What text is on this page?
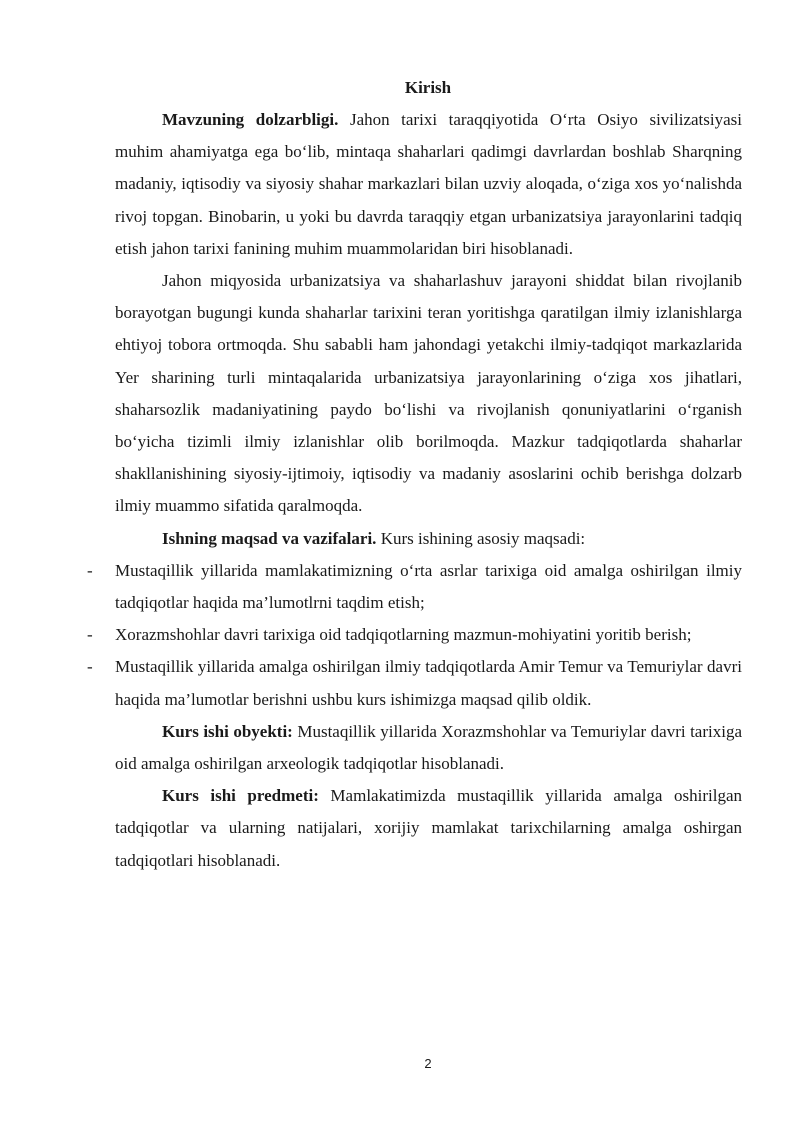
Kirish

Mavzuning dolzarbligi. Jahon tarixi taraqqiyotida O‘rta Osiyo sivilizatsiyasi muhim ahamiyatga ega bo‘lib, mintaqa shaharlari qadimgi davrlardan boshlab Sharqning madaniy, iqtisodiy va siyosiy shahar markazlari bilan uzviy aloqada, o‘ziga xos yo‘nalishda rivoj topgan. Binobarin, u yoki bu davrda taraqqiy etgan urbanizatsiya jarayonlarini tadqiq etish jahon tarixi fanining muhim muammolaridan biri hisoblanadi.

Jahon miqyosida urbanizatsiya va shaharlashuv jarayoni shiddat bilan rivojlanib borayotgan bugungi kunda shaharlar tarixini teran yoritishga qaratilgan ilmiy izlanishlarga ehtiyoj tobora ortmoqda. Shu sababli ham jahondagi yetakchi ilmiy-tadqiqot markazlarida Yer sharining turli mintaqalarida urbanizatsiya jarayonlarining o‘ziga xos jihatlari, shaharsozlik madaniyatining paydo bo‘lishi va rivojlanish qonuniyatlarini o‘rganish bo‘yicha tizimli ilmiy izlanishlar olib borilmoqda. Mazkur tadqiqotlarda shaharlar shakllanishining siyosiy-ijtimoiy, iqtisodiy va madaniy asoslarini ochib berishga dolzarb ilmiy muammo sifatida qaralmoqda.

Ishning maqsad va vazifalari. Kurs ishining asosiy maqsadi:

- Mustaqillik yillarida mamlakatimizning o‘rta asrlar tarixiga oid amalga oshirilgan ilmiy tadqiqotlar haqida ma’lumotlrni taqdim etish;
- Xorazmshohlar davri tarixiga oid tadqiqotlarning mazmun-mohiyatini yoritib berish;
- Mustaqillik yillarida amalga oshirilgan ilmiy tadqiqotlarda Amir Temur va Temuriylar davri haqida ma’lumotlar berishni ushbu kurs ishimizga maqsad qilib oldik.

Kurs ishi obyekti: Mustaqillik yillarida Xorazmshohlar va Temuriylar davri tarixiga oid amalga oshirilgan arxeologik tadqiqotlar hisoblanadi.

Kurs ishi predmeti: Mamlakatimizda mustaqillik yillarida amalga oshirilgan tadqiqotlar va ularning natijalari, xorijiy mamlakat tarixchilarning amalga oshirgan tadqiqotlari hisoblanadi.

2
